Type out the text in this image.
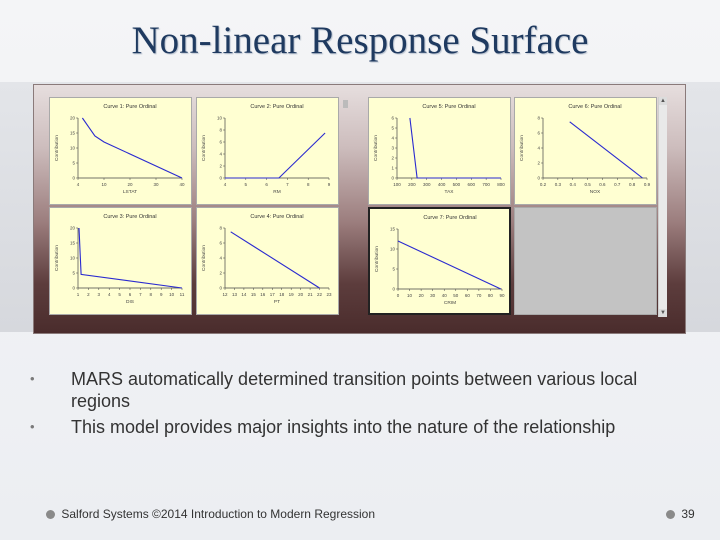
Non-linear Response Surface
▲
▼
Curve 1: Pure Ordinal
4	10	20	30	40
0
5
10
15
20
LSTAT
Contribution
Curve 2: Pure Ordinal
4	5	6	7	8	9
0
2
4
6
8
10
RM
Contribution
Curve 5: Pure Ordinal
100 200 300 400 500 600 700 800
0
1
2
3
4
5
6
TAX
Contribution
Curve 6: Pure Ordinal
0.2 0.3 0.4 0.5 0.6 0.7 0.8 0.9
0
2
4
6
8
NOX
Contribution
Curve 3: Pure Ordinal
1 2 3 4 5 6 7 8 9 10 11
0
5
10
15
20
DIS
Contribution
Curve 4: Pure Ordinal
12 13 14 15 16 17 18 19 20 21 22 23
0
2
4
6
8
PT
Contribution
Curve 7: Pure Ordinal
0 10 20 30 40 50 60 70 80 90
0
5
10
15
CRIM
Contribution
• MARS automatically determined transition points between various local regions
• This model provides major insights into the nature of the relationship
Salford Systems ©2014 Introduction to Modern Regression	39
